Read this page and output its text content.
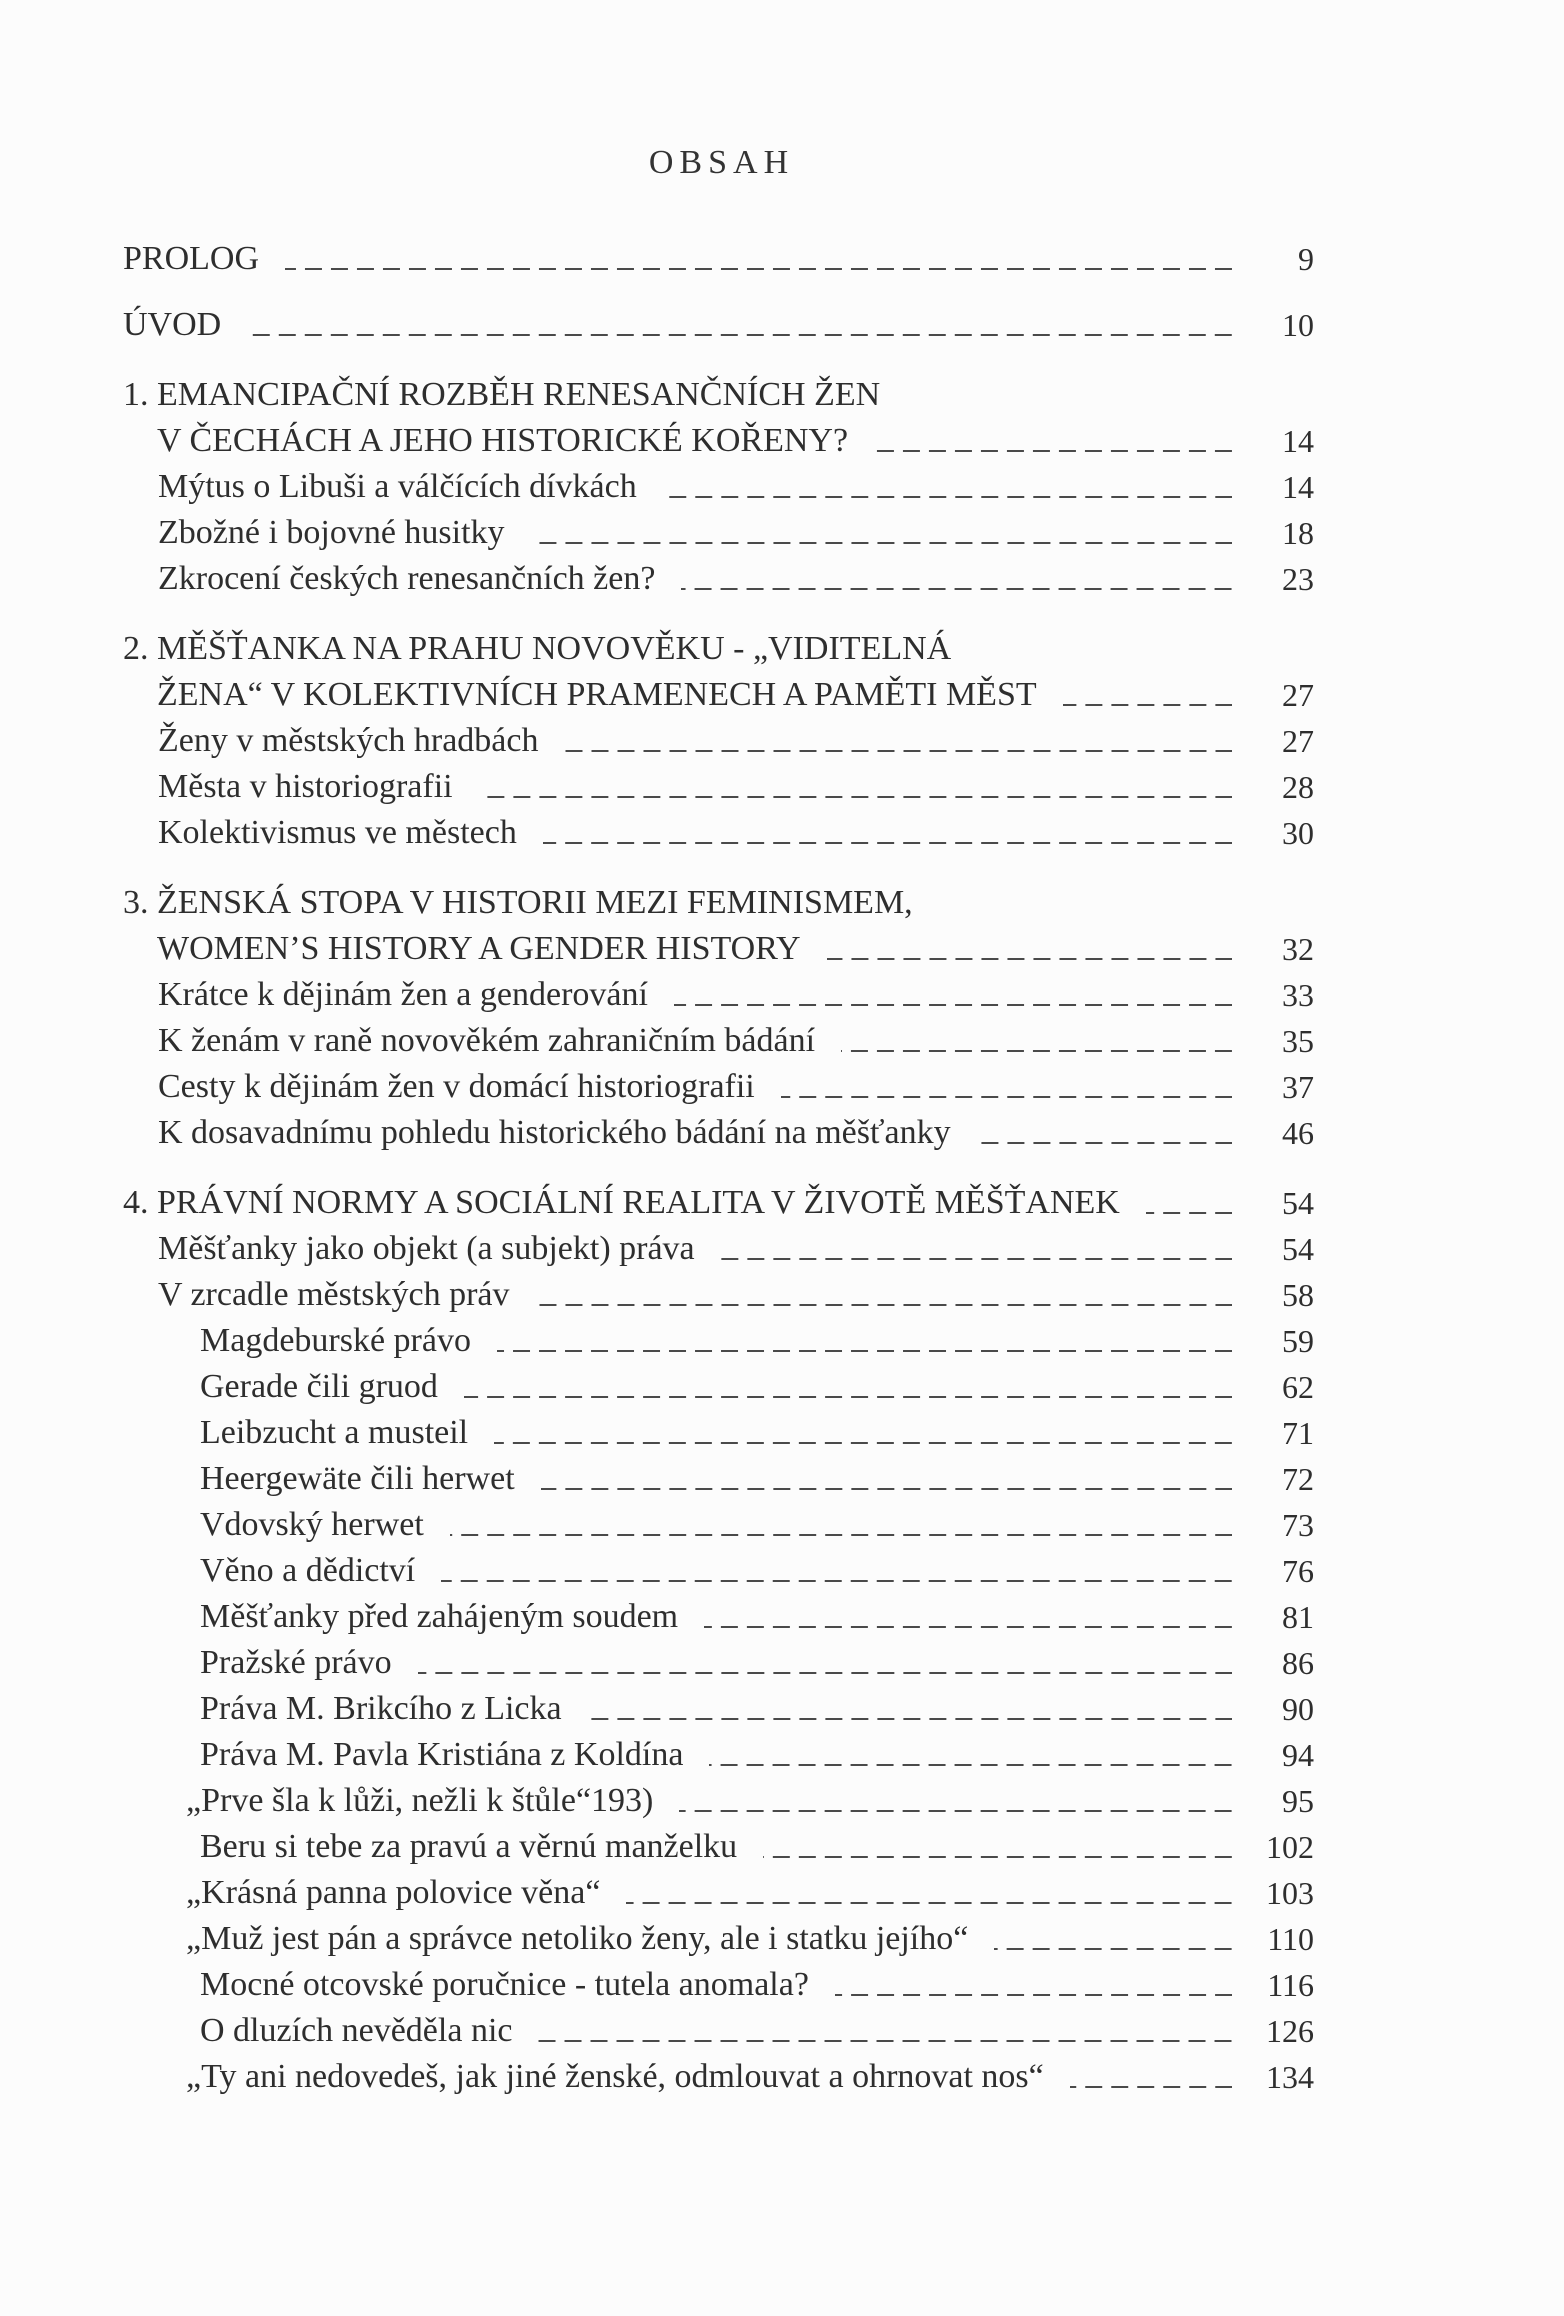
OBSAH
PROLOG	9
ÚVOD	10
1. EMANCIPAČNÍ ROZBĚH RENESANČNÍCH ŽEN
V ČECHÁCH A JEHO HISTORICKÉ KOŘENY?	14
Mýtus o Libuši a válčících dívkách	14
Zbožné i bojovné husitky	18
Zkrocení českých renesančních žen?	23
2. MĚŠŤANKA NA PRAHU NOVOVĚKU - „VIDITELNÁ
ŽENA“ V KOLEKTIVNÍCH PRAMENECH A PAMĚTI MĚST	27
Ženy v městských hradbách	27
Města v historiografii	28
Kolektivismus ve městech	30
3. ŽENSKÁ STOPA V HISTORII MEZI FEMINISMEM,
WOMEN’S HISTORY A GENDER HISTORY	32
Krátce k dějinám žen a genderování	33
K ženám v raně novověkém zahraničním bádání	35
Cesty k dějinám žen v domácí historiografii	37
K dosavadnímu pohledu historického bádání na měšťanky	46
4. PRÁVNÍ NORMY A SOCIÁLNÍ REALITA V ŽIVOTĚ MĚŠŤANEK	54
Měšťanky jako objekt (a subjekt) práva	54
V zrcadle městských práv	58
Magdeburské právo	59
Gerade čili gruod	62
Leibzucht a musteil	71
Heergewäte čili herwet	72
Vdovský herwet	73
Věno a dědictví	76
Měšťanky před zahájeným soudem	81
Pražské právo	86
Práva M. Brikcího z Licka	90
Práva M. Pavla Kristiána z Koldína	94
„Prve šla k lůži, nežli k štůle“193)	95
Beru si tebe za pravú a věrnú manželku	102
„Krásná panna polovice věna“	103
„Muž jest pán a správce netoliko ženy, ale i statku jejího“	110
Mocné otcovské poručnice - tutela anomala?	116
O dluzích nevěděla nic	126
„Ty ani nedovedeš, jak jiné ženské, odmlouvat a ohrnovat nos“	134
